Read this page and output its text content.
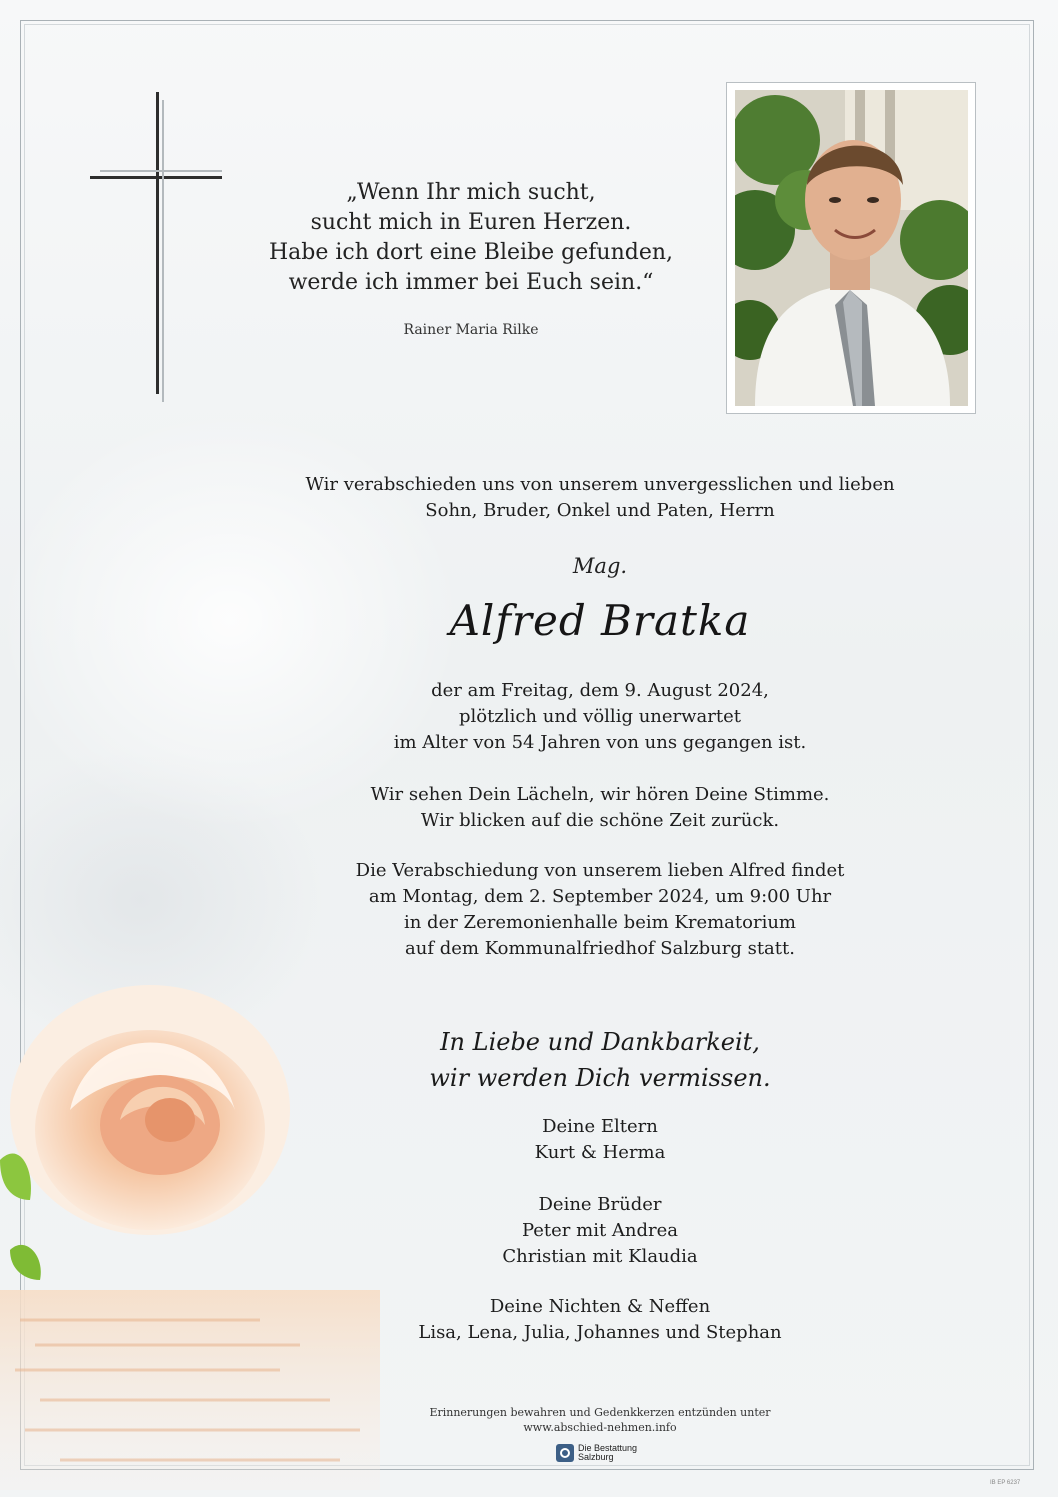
„Wenn Ihr mich sucht,
sucht mich in Euren Herzen.
Habe ich dort eine Bleibe gefunden,
werde ich immer bei Euch sein.“
Rainer Maria Rilke
Wir verabschieden uns von unserem unvergesslichen und lieben
Sohn, Bruder, Onkel und Paten, Herrn
Mag.
Alfred Bratka
der am Freitag, dem 9. August 2024,
plötzlich und völlig unerwartet
im Alter von 54 Jahren von uns gegangen ist.
Wir sehen Dein Lächeln, wir hören Deine Stimme.
Wir blicken auf die schöne Zeit zurück.
Die Verabschiedung von unserem lieben Alfred findet
am Montag, dem 2. September 2024, um 9:00 Uhr
in der Zeremonienhalle beim Krematorium
auf dem Kommunalfriedhof Salzburg statt.
In Liebe und Dankbarkeit,
wir werden Dich vermissen.
Deine Eltern
Kurt & Herma
Deine Brüder
Peter mit Andrea
Christian mit Klaudia
Deine Nichten & Neffen
Lisa, Lena, Julia, Johannes und Stephan
Erinnerungen bewahren und Gedenkkerzen entzünden unter
www.abschied-nehmen.info
Die Bestattung
Salzburg
IB EP 6237
